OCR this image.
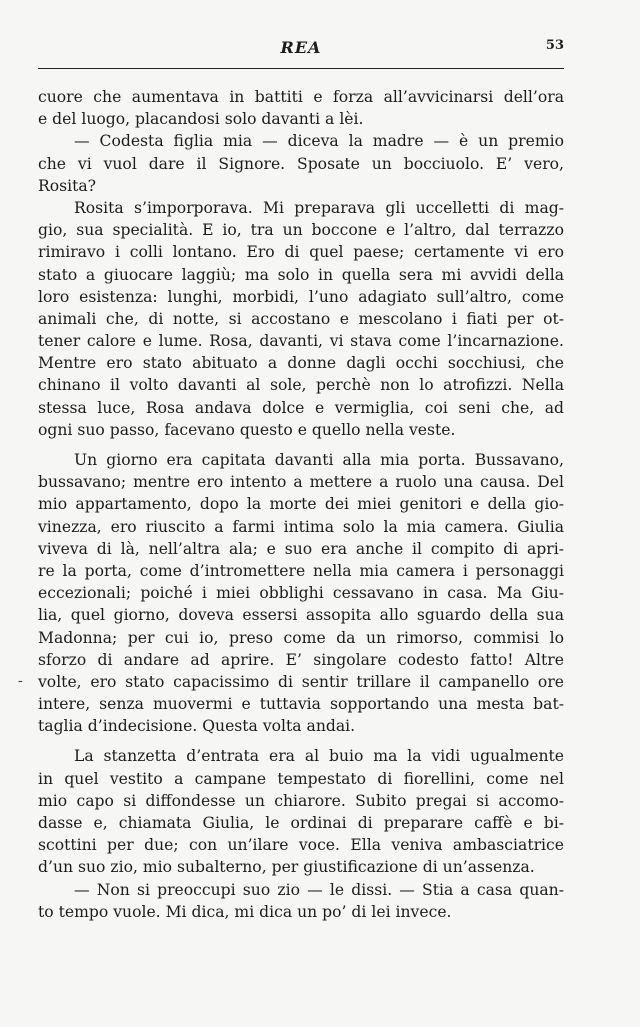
REA	53
-
cuore che aumentava in battiti e forza all’avvicinarsi dell’ora
e del luogo, placandosi solo davanti a lèi.
— Codesta figlia mia — diceva la madre — è un premio
che vi vuol dare il Signore. Sposate un bocciuolo. E’ vero,
Rosita?
Rosita s’imporporava. Mi preparava gli uccelletti di mag-
gio, sua specialità. E io, tra un boccone e l’altro, dal terrazzo
rimiravo i colli lontano. Ero di quel paese; certamente vi ero
stato a giuocare laggiù; ma solo in quella sera mi avvidi della
loro esistenza: lunghi, morbidi, l’uno adagiato sull’altro, come
animali che, di notte, si accostano e mescolano i fiati per ot-
tener calore e lume. Rosa, davanti, vi stava come l’incarnazione.
Mentre ero stato abituato a donne dagli occhi socchiusi, che
chinano il volto davanti al sole, perchè non lo atrofizzi. Nella
stessa luce, Rosa andava dolce e vermiglia, coi seni che, ad
ogni suo passo, facevano questo e quello nella veste.
Un giorno era capitata davanti alla mia porta. Bussavano,
bussavano; mentre ero intento a mettere a ruolo una causa. Del
mio appartamento, dopo la morte dei miei genitori e della gio-
vinezza, ero riuscito a farmi intima solo la mia camera. Giulia
viveva di là, nell’altra ala; e suo era anche il compito di apri-
re la porta, come d’intromettere nella mia camera i personaggi
eccezionali; poiché i miei obblighi cessavano in casa. Ma Giu-
lia, quel giorno, doveva essersi assopita allo sguardo della sua
Madonna; per cui io, preso come da un rimorso, commisi lo
sforzo di andare ad aprire. E’ singolare codesto fatto! Altre
volte, ero stato capacissimo di sentir trillare il campanello ore
intere, senza muovermi e tuttavia sopportando una mesta bat-
taglia d’indecisione. Questa volta andai.
La stanzetta d’entrata era al buio ma la vidi ugualmente
in quel vestito a campane tempestato di fiorellini, come nel
mio capo si diffondesse un chiarore. Subito pregai si accomo-
dasse e, chiamata Giulia, le ordinai di preparare caffè e bi-
scottini per due; con un’ilare voce. Ella veniva ambasciatrice
d’un suo zio, mio subalterno, per giustificazione di un’assenza.
— Non si preoccupi suo zio — le dissi. — Stia a casa quan-
to tempo vuole. Mi dica, mi dica un po’ di lei invece.
